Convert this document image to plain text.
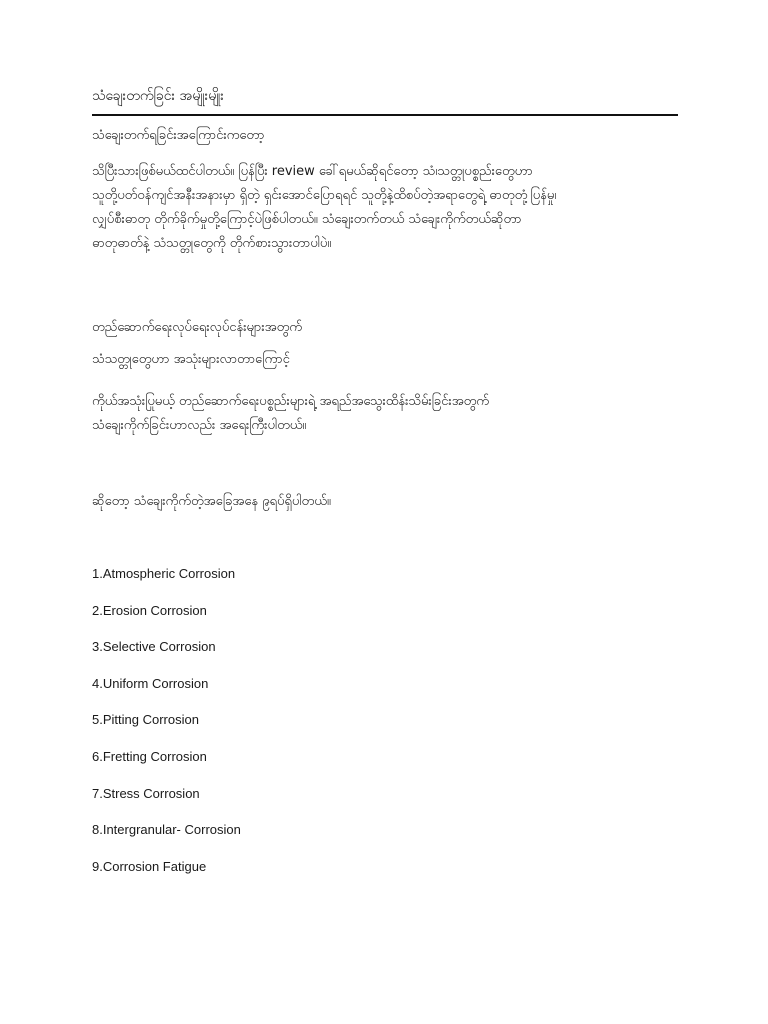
သံချေးတက်ခြင်း အမျိုးမျိုး

သံချေးတက်ရခြင်းအကြောင်းကတော့

သိပြီးသားဖြစ်မယ်ထင်ပါတယ်။ ပြန်ပြီး review ခေါ်ရမယ်ဆိုရင်တော့ သံ၊သတ္တုပစ္စည်းတွေဟာ

သူတို့ပတ်ဝန်ကျင်အနီးအနားမှာ ရှိတဲ့ ရှင်းအောင်ပြောရရင် သူတို့နဲ့ထိစပ်တဲ့အရာတွေရဲ့ ဓာတုတုံ့ပြန်မှု၊

လျှပ်စီးဓာတု တိုက်ခိုက်မှုတို့ကြောင့်ပဲဖြစ်ပါတယ်။ သံချေးတက်တယ် သံချေးကိုက်တယ်ဆိုတာ

ဓာတုဓာတ်နဲ့ သံသတ္တုတွေကို တိုက်စားသွားတာပါပဲ။

တည်ဆောက်ရေးလုပ်ရေးလုပ်ငန်းများအတွက်

သံသတ္တုတွေဟာ အသုံးများလာတာကြောင့်

ကိုယ်အသုံးပြုမယ့် တည်ဆောက်ရေးပစ္စည်းများရဲ့ အရည်အသွေးထိန်းသိမ်းခြင်းအတွက်

သံချေးကိုက်ခြင်းဟာလည်း အရေးကြီးပါတယ်။

ဆိုတော့ သံချေးကိုက်တဲ့အခြေအနေ ၉ရပ်ရှိပါတယ်။

1.Atmospheric Corrosion
2.Erosion Corrosion
3.Selective Corrosion
4.Uniform Corrosion
5.Pitting Corrosion
6.Fretting Corrosion
7.Stress Corrosion
8.Intergranular- Corrosion
9.Corrosion Fatigue
